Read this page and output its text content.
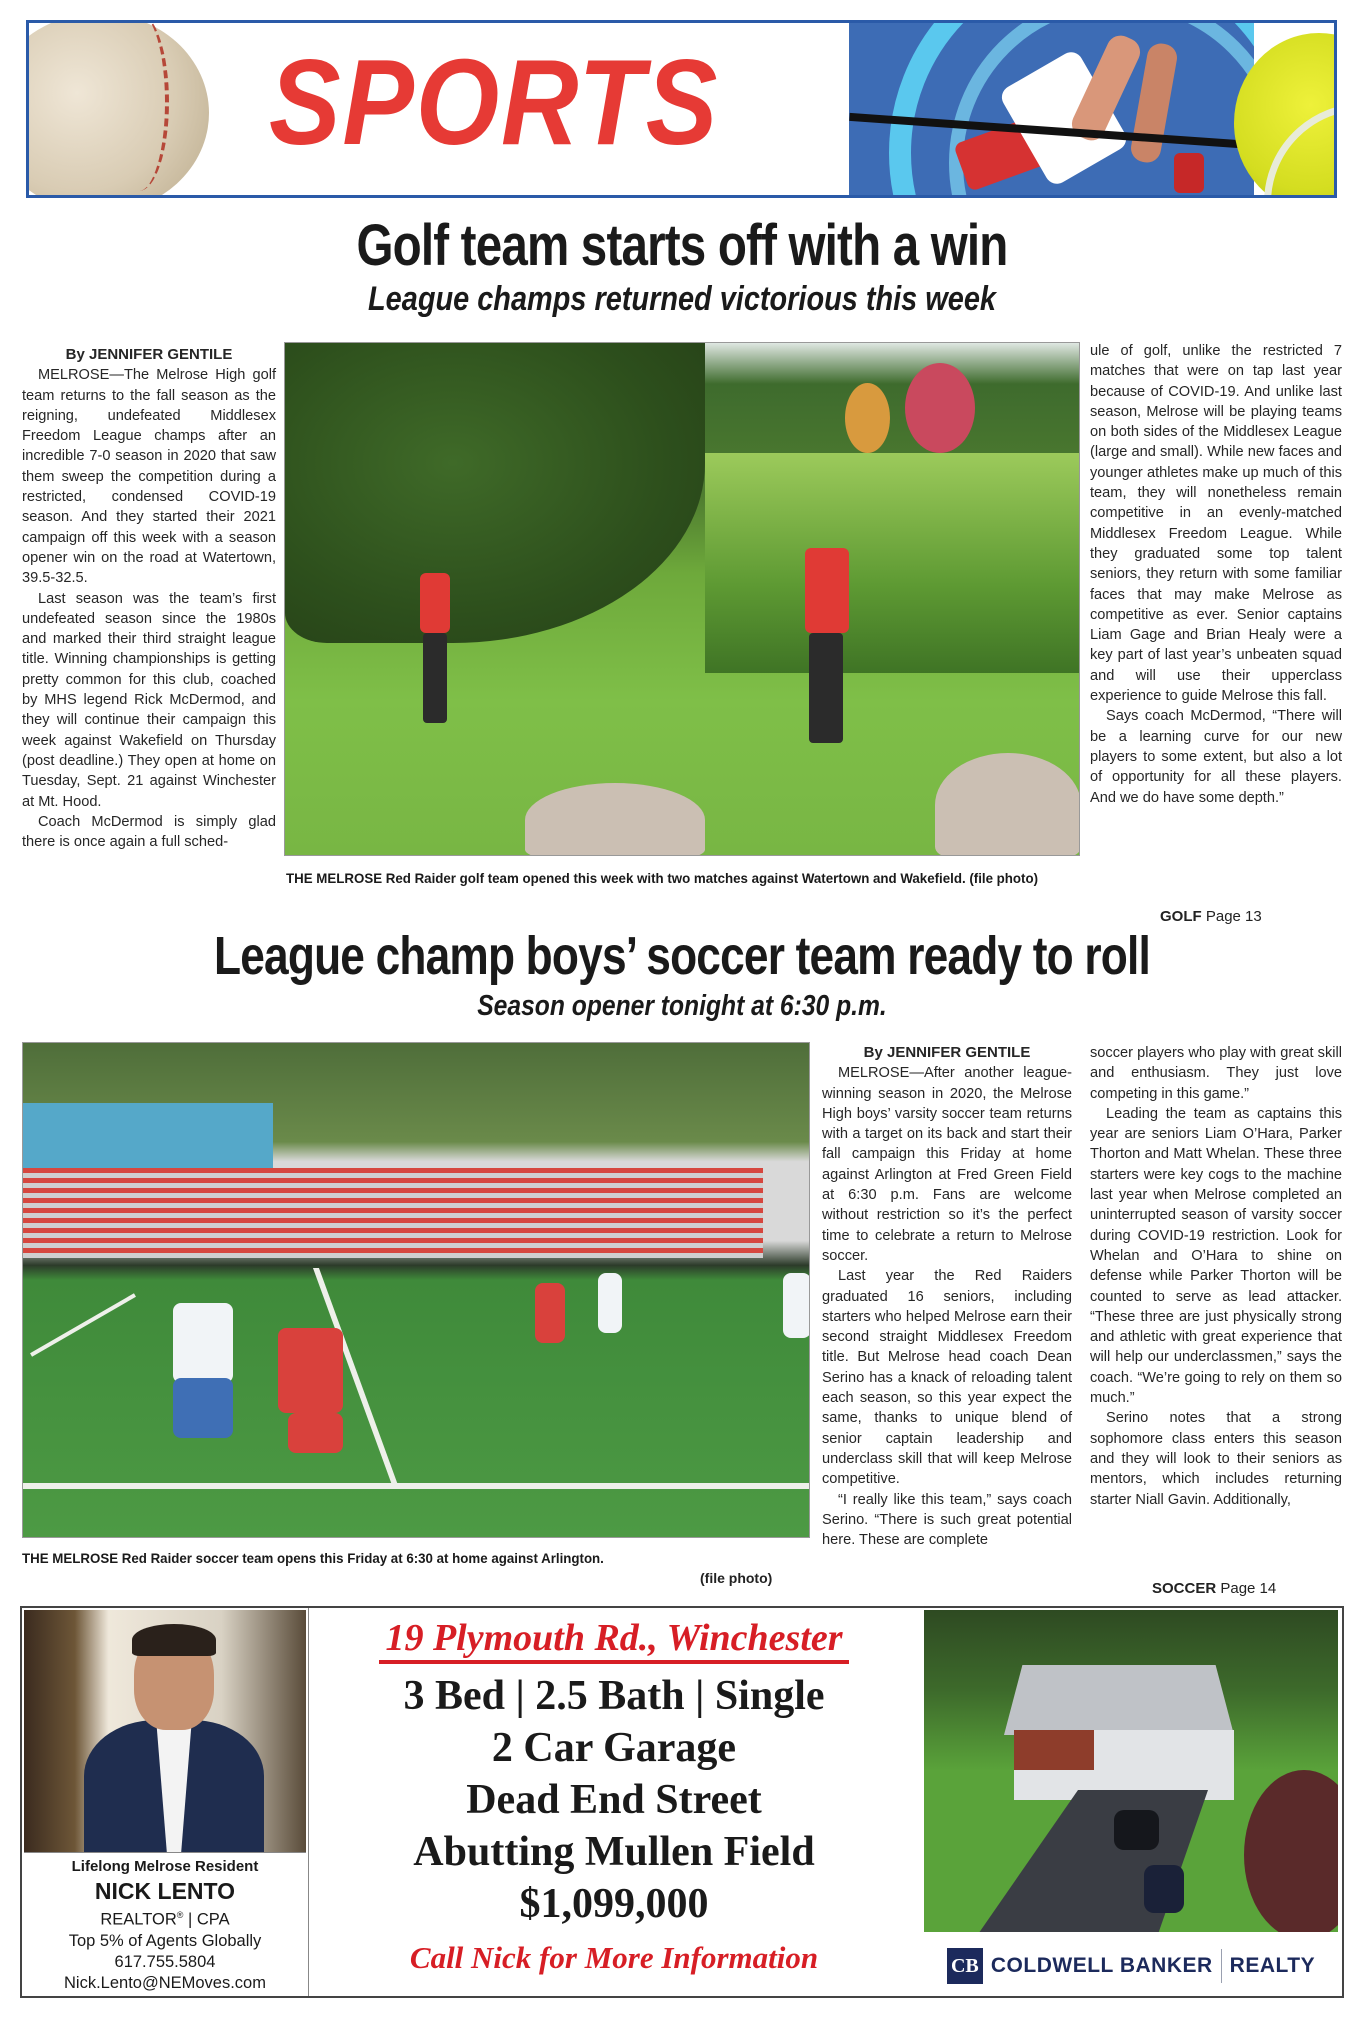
SPORTS
Golf team starts off with a win
League champs returned victorious this week

By JENNIFER GENTILE

MELROSE—The Melrose High golf team returns to the fall season as the reigning, undefeated Middlesex Freedom League champs after an incredible 7-0 season in 2020 that saw them sweep the competition during a restricted, condensed COVID-19 season. And they started their 2021 campaign off this week with a season opener win on the road at Watertown, 39.5-32.5.

Last season was the team’s first undefeated season since the 1980s and marked their third straight league title. Winning championships is getting pretty common for this club, coached by MHS legend Rick McDermod, and they will continue their campaign this week against Wakefield on Thursday (post deadline.) They open at home on Tuesday, Sept. 21 against Winchester at Mt. Hood.

Coach McDermod is simply glad there is once again a full sched-

THE MELROSE Red Raider golf team opened this week with two matches against Watertown and Wakefield. (file photo)

ule of golf, unlike the restricted 7 matches that were on tap last year because of COVID-19. And unlike last season, Melrose will be playing teams on both sides of the Middlesex League (large and small). While new faces and younger athletes make up much of this team, they will nonetheless remain competitive in an evenly-matched Middlesex Freedom League. While they graduated some top talent seniors, they return with some familiar faces that may make Melrose as competitive as ever. Senior captains Liam Gage and Brian Healy were a key part of last year’s unbeaten squad and will use their upperclass experience to guide Melrose this fall.

Says coach McDermod, “There will be a learning curve for our new players to some extent, but also a lot of opportunity for all these players. And we do have some depth.”

GOLF Page 13
League champ boys’ soccer team ready to roll
Season opener tonight at 6:30 p.m.
THE MELROSE Red Raider soccer team opens this Friday at 6:30 at home against Arlington.
(file photo)

By JENNIFER GENTILE

MELROSE—After another league-winning season in 2020, the Melrose High boys’ varsity soccer team returns with a target on its back and start their fall campaign this Friday at home against Arlington at Fred Green Field at 6:30 p.m. Fans are welcome without restriction so it’s the perfect time to celebrate a return to Melrose soccer.

Last year the Red Raiders graduated 16 seniors, including starters who helped Melrose earn their second straight Middlesex Freedom title. But Melrose head coach Dean Serino has a knack of reloading talent each season, so this year expect the same, thanks to unique blend of senior captain leadership and underclass skill that will keep Melrose competitive.

“I really like this team,” says coach Serino. “There is such great potential here. These are complete

soccer players who play with great skill and enthusiasm. They just love competing in this game.”

Leading the team as captains this year are seniors Liam O’Hara, Parker Thorton and Matt Whelan. These three starters were key cogs to the machine last year when Melrose completed an uninterrupted season of varsity soccer during COVID-19 restriction. Look for Whelan and O’Hara to shine on defense while Parker Thorton will be counted to serve as lead attacker. “These three are just physically strong and athletic with great experience that will help our underclassmen,” says the coach. “We’re going to rely on them so much.”

Serino notes that a strong sophomore class enters this season and they will look to their seniors as mentors, which includes returning starter Niall Gavin. Additionally,

SOCCER Page 14
Lifelong Melrose Resident
NICK LENTO
REALTOR® | CPA
Top 5% of Agents Globally
617.755.5804
Nick.Lento@NEMoves.com
19 Plymouth Rd., Winchester
3 Bed | 2.5 Bath | Single
2 Car Garage
Dead End Street
Abutting Mullen Field
$1,099,000
Call Nick for More Information	CB COLDWELL BANKER REALTY
